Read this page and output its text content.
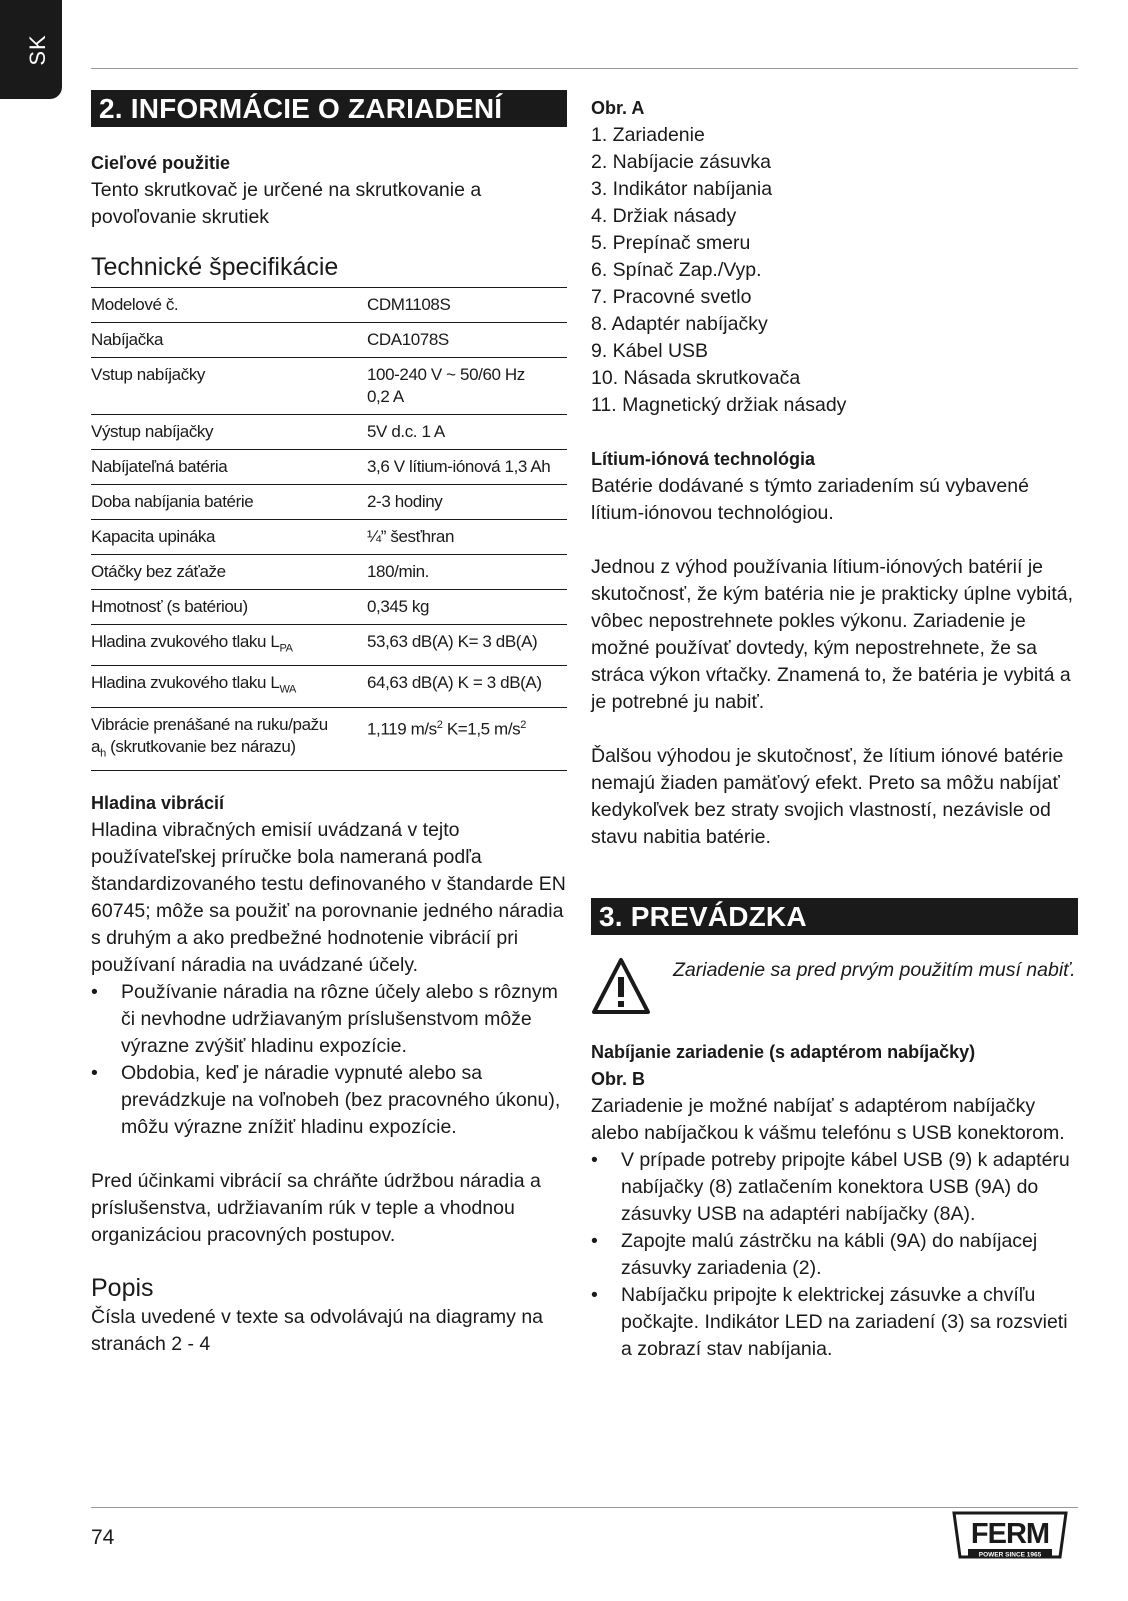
SK
2. INFORMÁCIE O ZARIADENÍ
Cieľové použitie
Tento skrutkovač je určené na skrutkovanie a povoľovanie skrutiek
Technické špecifikácie
Modelové č.	CDM1108S
Nabíjačka	CDA1078S
Vstup nabíjačky	100-240 V ~ 50/60 Hz
0,2 A
Výstup nabíjačky	5V d.c. 1 A
Nabíjateľná batéria	3,6 V lítium-iónová 1,3 Ah
Doba nabíjania batérie	2-3 hodiny
Kapacita upináka	¼” šesťhran
Otáčky bez záťaže	180/min.
Hmotnosť (s batériou)	0,345 kg
Hladina zvukového tlaku $L_{PA}$	53,63 dB(A) K= 3 dB(A)
Hladina zvukového tlaku $L_{WA}$	64,63 dB(A) K = 3 dB(A)
Vibrácie prenášané na ruku/pažu
$a_h$ (skrutkovanie bez nárazu)	1,119 $m/s^2$ K=1,5 $m/s^2$
Hladina vibrácií
Hladina vibračných emisií uvádzaná v tejto používateľskej príručke bola nameraná podľa štandardizovaného testu definovaného v štandarde EN 60745; môže sa použiť na porovnanie jedného náradia s druhým a ako predbežné hodnotenie vibrácií pri používaní náradia na uvádzané účely.
• Používanie náradia na rôzne účely alebo s rôznym či nevhodne udržiavaným príslušenstvom môže výrazne zvýšiť hladinu expozície.
• Obdobia, keď je náradie vypnuté alebo sa prevádzkuje na voľnobeh (bez pracovného úkonu), môžu výrazne znížiť hladinu expozície.
Pred účinkami vibrácií sa chráňte údržbou náradia a príslušenstva, udržiavaním rúk v teple a vhodnou organizáciou pracovných postupov.
Popis
Čísla uvedené v texte sa odvolávajú na diagramy na stranách 2 - 4
Obr. A
1. Zariadenie
2. Nabíjacie zásuvka
3. Indikátor nabíjania
4. Držiak násady
5. Prepínač smeru
6. Spínač Zap./Vyp.
7. Pracovné svetlo
8. Adaptér nabíjačky
9. Kábel USB
10. Násada skrutkovača
11. Magnetický držiak násady
Lítium-iónová technológia
Batérie dodávané s týmto zariadením sú vybavené lítium-iónovou technológiou.
Jednou z výhod používania lítium-iónových batérií je skutočnosť, že kým batéria nie je prakticky úplne vybitá, vôbec nepostrehnete pokles výkonu. Zariadenie je možné používať dovtedy, kým nepostrehnete, že sa stráca výkon vŕtačky. Znamená to, že batéria je vybitá a je potrebné ju nabiť.
Ďalšou výhodou je skutočnosť, že lítium iónové batérie nemajú žiaden pamäťový efekt. Preto sa môžu nabíjať kedykoľvek bez straty svojich vlastností, nezávisle od stavu nabitia batérie.
3. PREVÁDZKA
Zariadenie sa pred prvým použitím musí nabiť.
Nabíjanie zariadenie (s adaptérom nabíjačky)
Obr. B
Zariadenie je možné nabíjať s adaptérom nabíjačky alebo nabíjačkou k vášmu telefónu s USB konektorom.
• V prípade potreby pripojte kábel USB (9) k adaptéru nabíjačky (8) zatlačením konektora USB (9A) do zásuvky USB na adaptéri nabíjačky (8A).
• Zapojte malú zástrčku na kábli (9A) do nabíjacej zásuvky zariadenia (2).
• Nabíjačku pripojte k elektrickej zásuvke a chvíľu počkajte. Indikátor LED na zariadení (3) sa rozsvieti a zobrazí stav nabíjania.
74	FERM
POWER SINCE 1965
